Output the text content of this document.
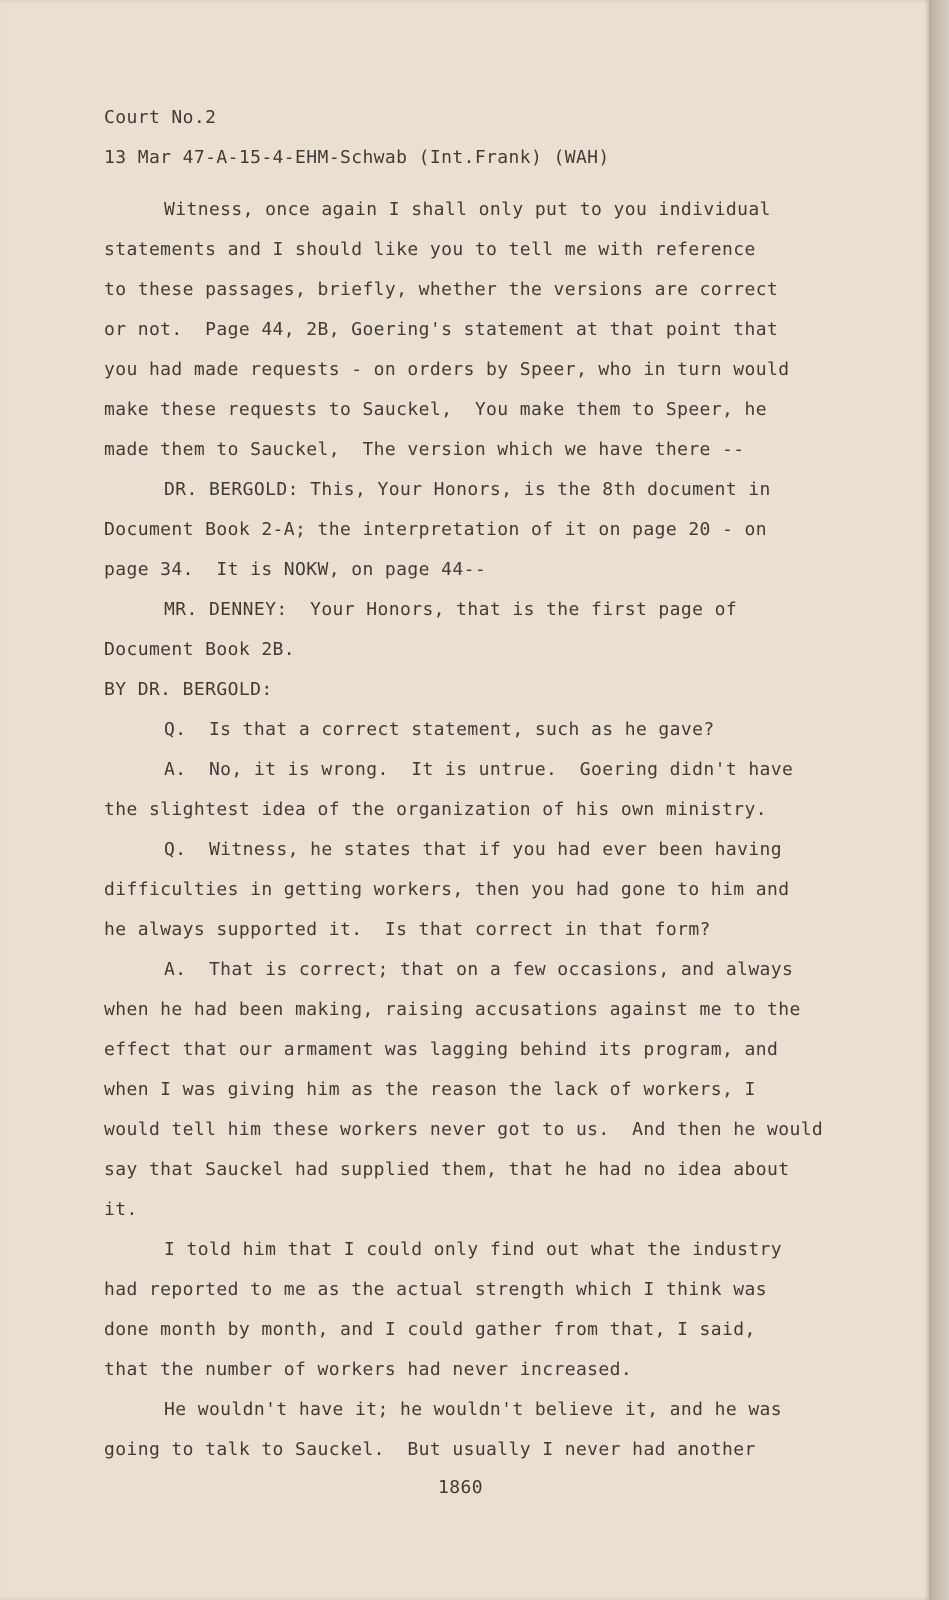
Court No.2
13 Mar 47-A-15-4-EHM-Schwab (Int.Frank) (WAH)
Witness, once again I shall only put to you individual
statements and I should like you to tell me with reference
to these passages, briefly, whether the versions are correct
or not.  Page 44, 2B, Goering's statement at that point that
you had made requests - on orders by Speer, who in turn would
make these requests to Sauckel,  You make them to Speer, he
made them to Sauckel,  The version which we have there --
DR. BERGOLD: This, Your Honors, is the 8th document in
Document Book 2-A; the interpretation of it on page 20 - on
page 34.  It is NOKW, on page 44--
MR. DENNEY:  Your Honors, that is the first page of
Document Book 2B.
BY DR. BERGOLD:
Q.  Is that a correct statement, such as he gave?
A.  No, it is wrong.  It is untrue.  Goering didn't have
the slightest idea of the organization of his own ministry.
Q.  Witness, he states that if you had ever been having
difficulties in getting workers, then you had gone to him and
he always supported it.  Is that correct in that form?
A.  That is correct; that on a few occasions, and always
when he had been making, raising accusations against me to the
effect that our armament was lagging behind its program, and
when I was giving him as the reason the lack of workers, I
would tell him these workers never got to us.  And then he would
say that Sauckel had supplied them, that he had no idea about
it.
I told him that I could only find out what the industry
had reported to me as the actual strength which I think was
done month by month, and I could gather from that, I said,
that the number of workers had never increased.
He wouldn't have it; he wouldn't believe it, and he was
going to talk to Sauckel.  But usually I never had another
1860
